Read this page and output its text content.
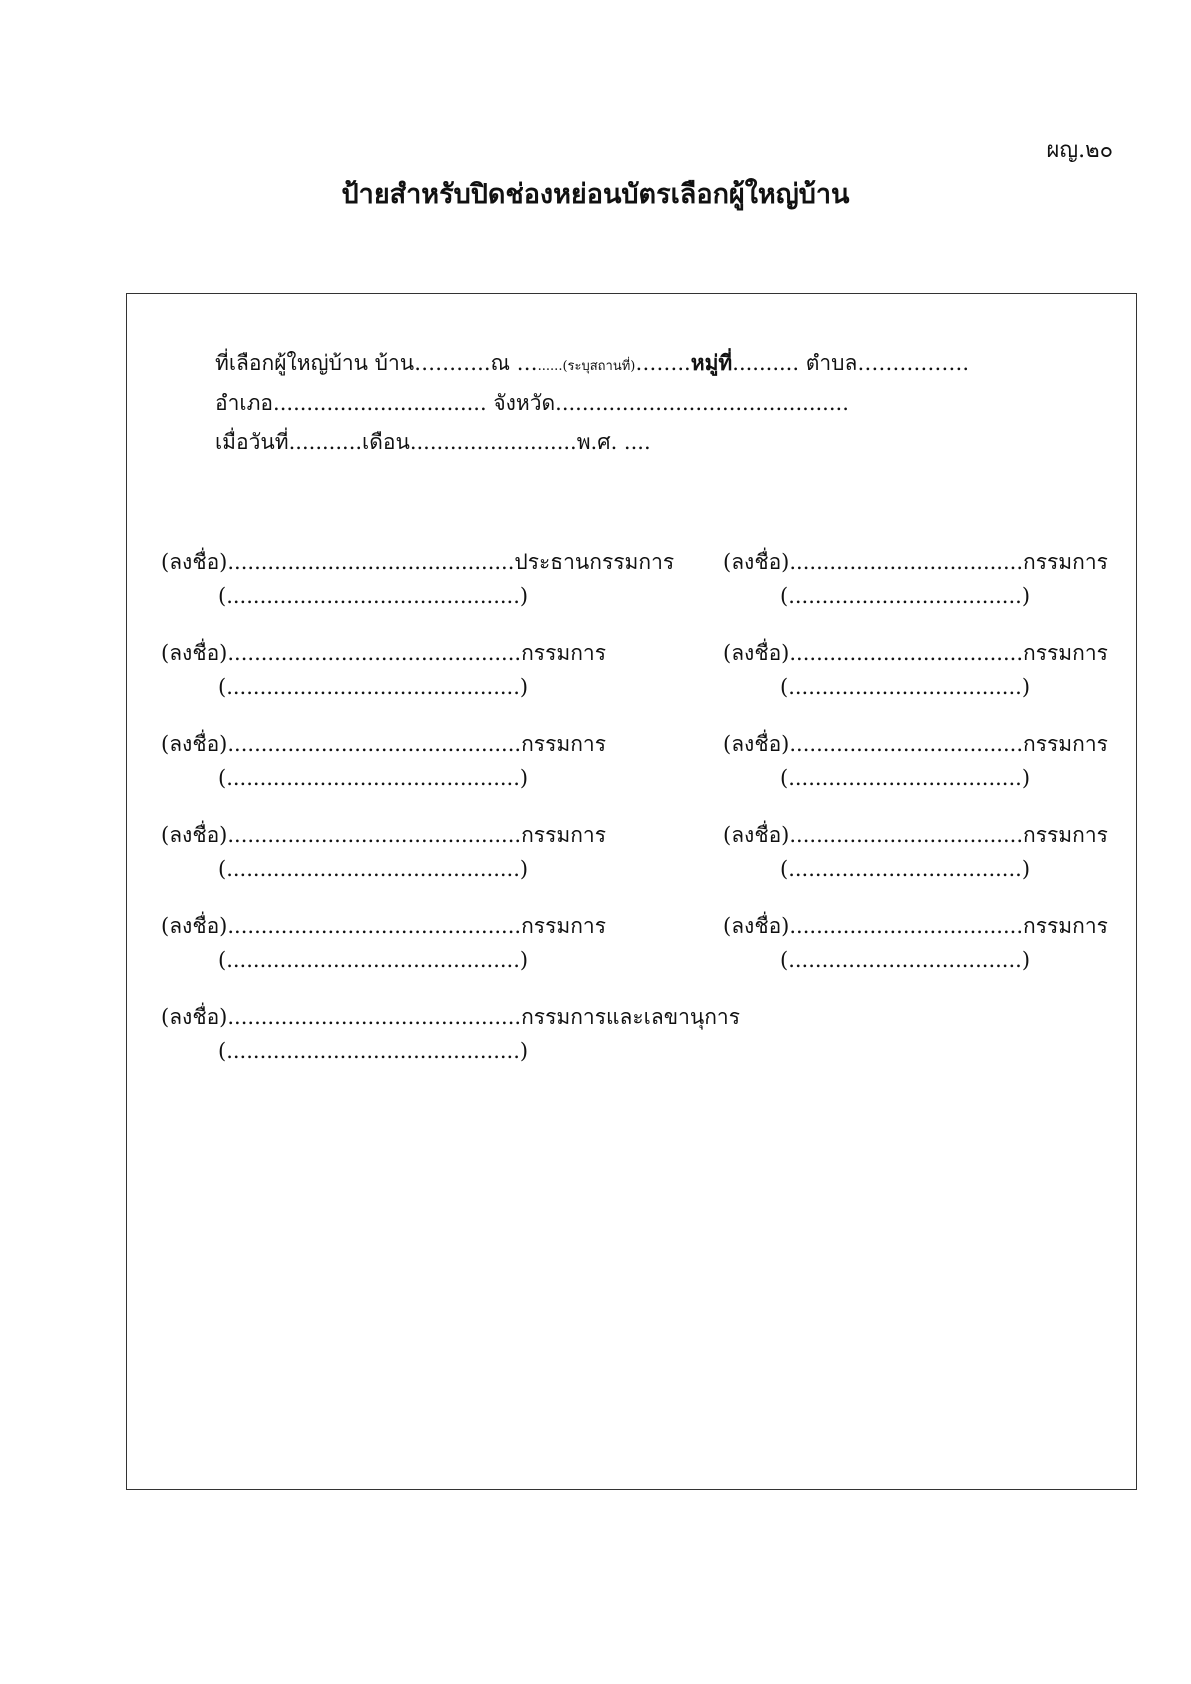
ผญ.๒๐
ป้ายสำหรับปิดช่องหย่อนบัตรเลือกผู้ใหญ่บ้าน
ที่เลือกผู้ใหญ่บ้าน บ้าน………..ณ …......(ระบุสถานที่)……..หมู่ที่.......... ตำบล…………….
อำเภอ................................ จังหวัด............................................
เมื่อวันที่...........เดือน.........................พ.ศ. ....
(ลงชื่อ)...........................................ประธานกรรมการ
(............................................)
(ลงชื่อ)............................................กรรมการ
(............................................)
(ลงชื่อ)............................................กรรมการ
(............................................)
(ลงชื่อ)............................................กรรมการ
(............................................)
(ลงชื่อ)............................................กรรมการ
(............................................)
(ลงชื่อ)............................................กรรมการและเลขานุการ
(............................................)
(ลงชื่อ)...................................กรรมการ
(...................................)
(ลงชื่อ)...................................กรรมการ
(...................................)
(ลงชื่อ)...................................กรรมการ
(...................................)
(ลงชื่อ)...................................กรรมการ
(...................................)
(ลงชื่อ)...................................กรรมการ
(...................................)
